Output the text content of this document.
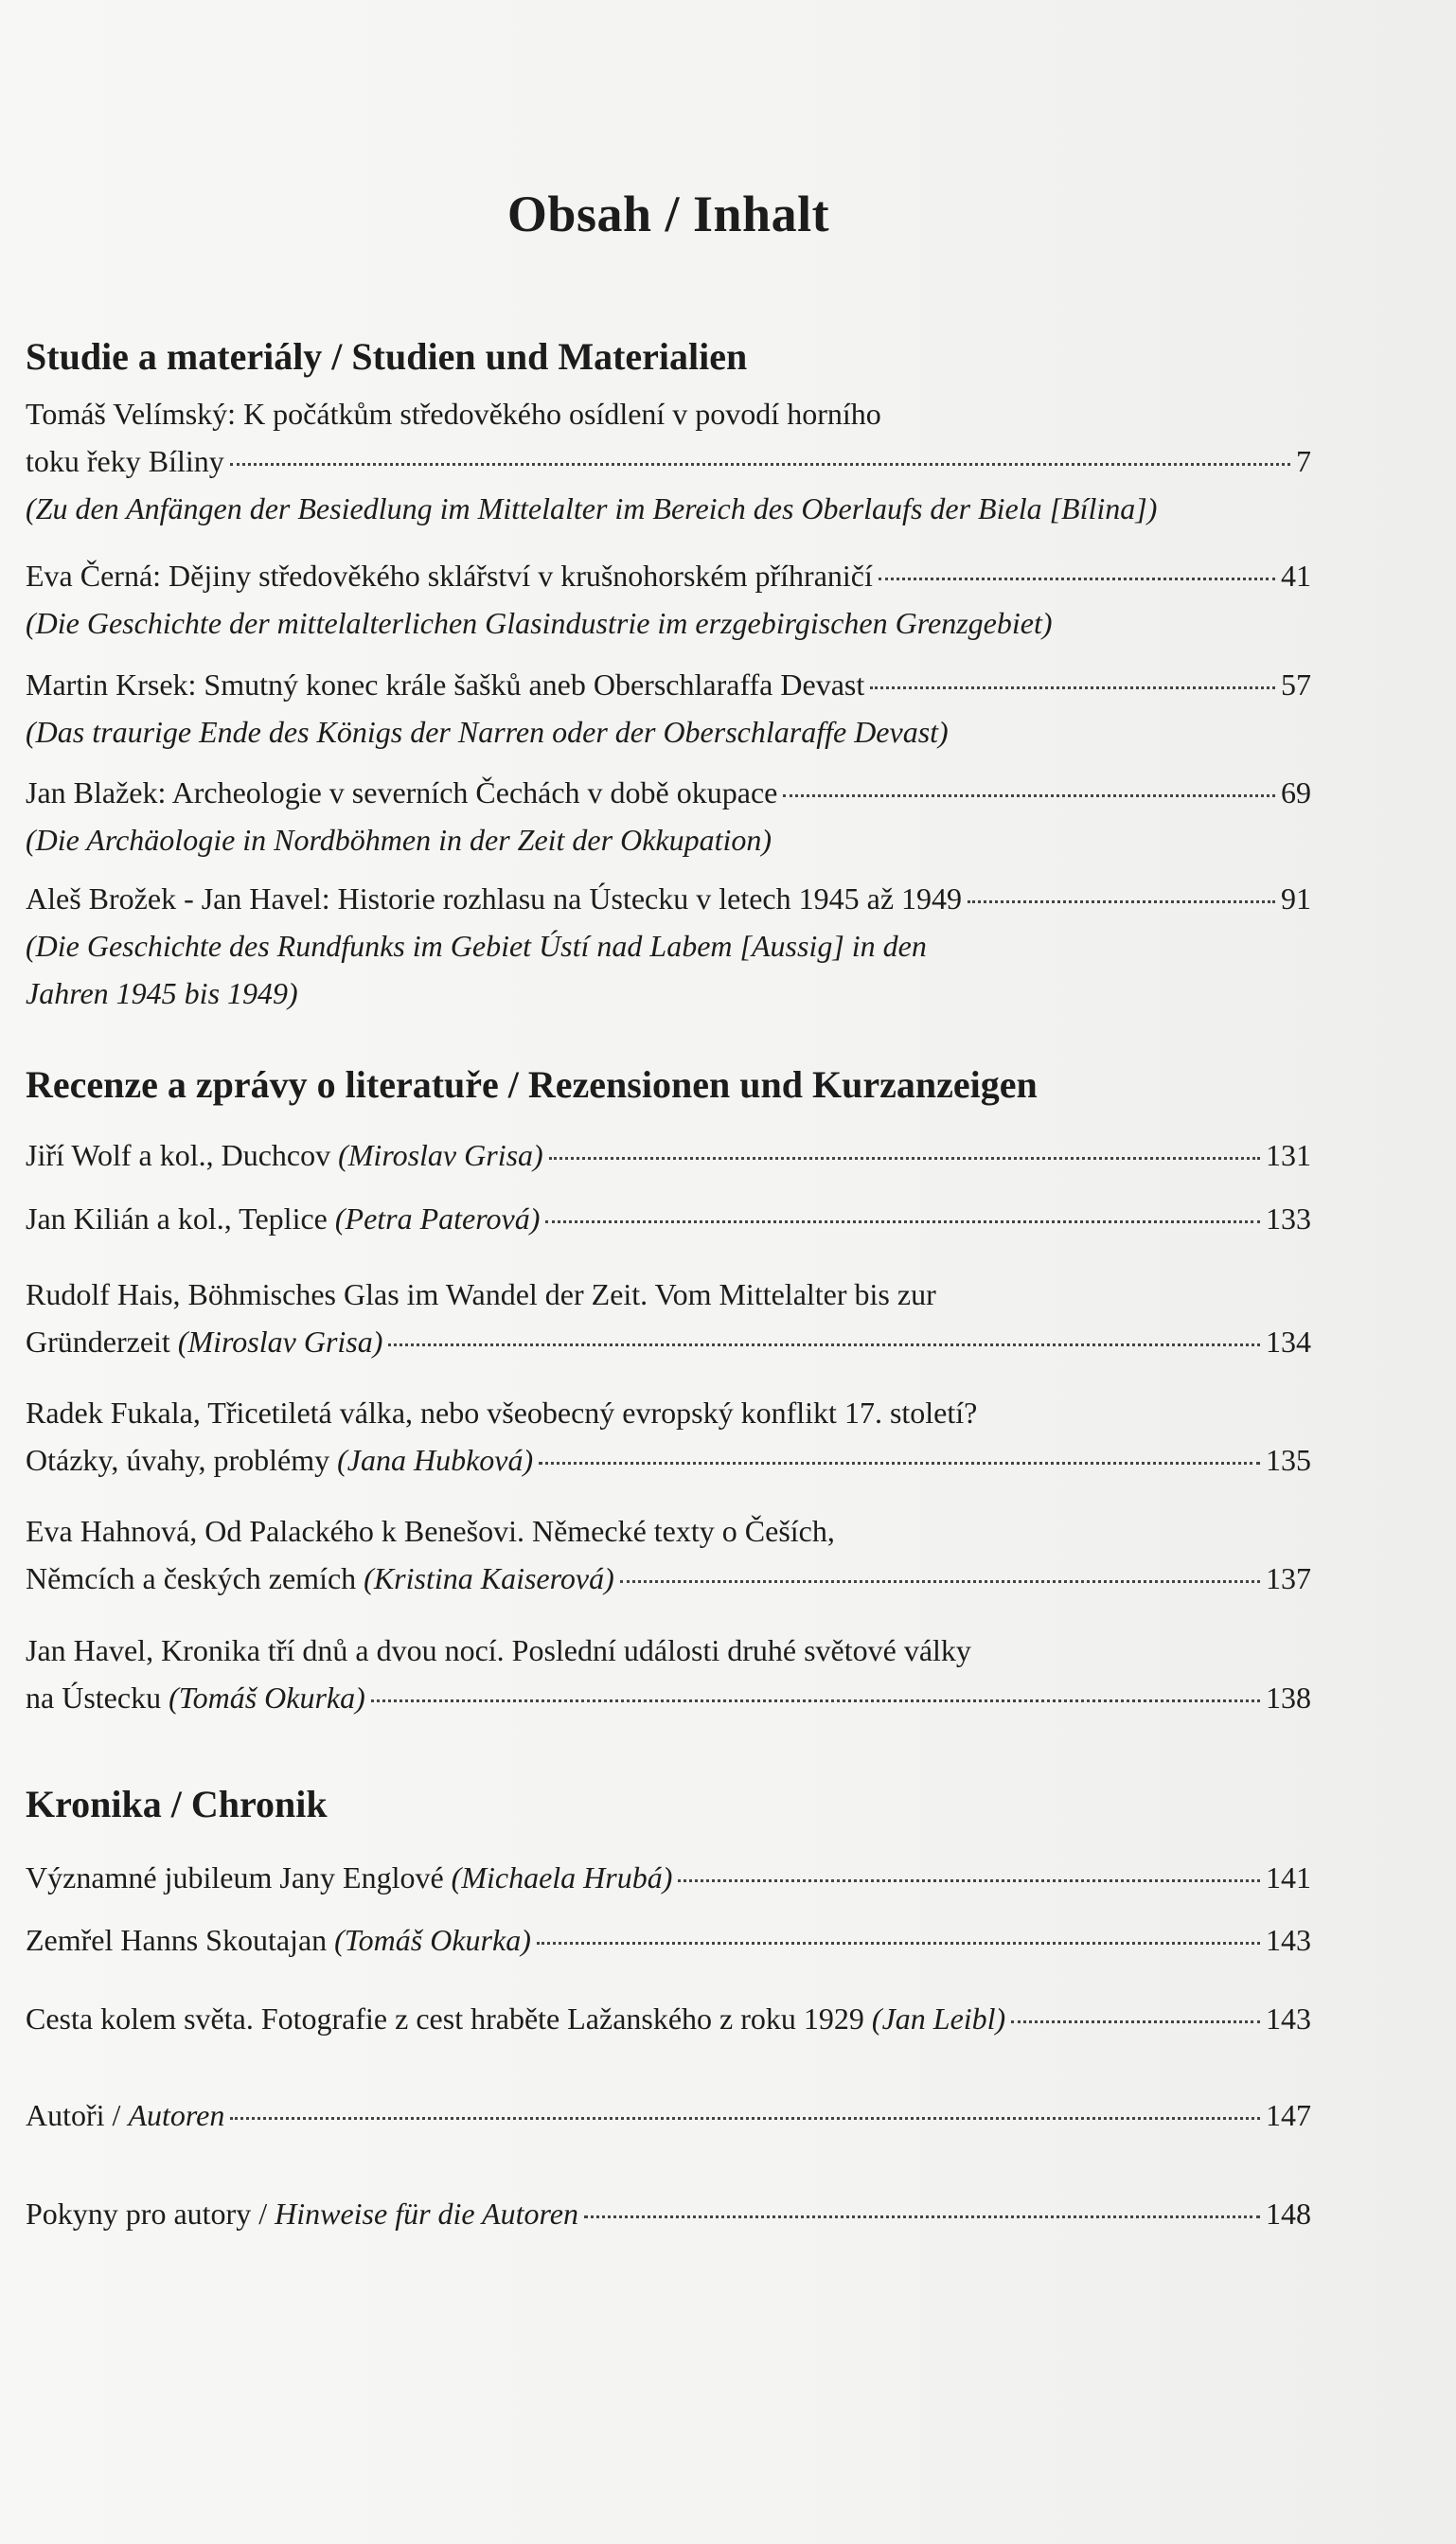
Obsah / Inhalt
Studie a materiály / Studien und Materialien
Tomáš Velímský: K počátkům středověkého osídlení v povodí horního
toku řeky Bíliny	7
(Zu den Anfängen der Besiedlung im Mittelalter im Bereich des Oberlaufs der Biela [Bílina])
Eva Černá: Dějiny středověkého sklářství v krušnohorském příhraničí	41
(Die Geschichte der mittelalterlichen Glasindustrie im erzgebirgischen Grenzgebiet)
Martin Krsek: Smutný konec krále šašků aneb Oberschlaraffa Devast	57
(Das traurige Ende des Königs der Narren oder der Oberschlaraffe Devast)
Jan Blažek: Archeologie v severních Čechách v době okupace	69
(Die Archäologie in Nordböhmen in der Zeit der Okkupation)
Aleš Brožek - Jan Havel: Historie rozhlasu na Ústecku v letech 1945 až 1949	91
(Die Geschichte des Rundfunks im Gebiet Ústí nad Labem [Aussig] in den
Jahren 1945 bis 1949)
Recenze a zprávy o literatuře / Rezensionen und Kurzanzeigen
Jiří Wolf a kol., Duchcov (Miroslav Grisa)	131
Jan Kilián a kol., Teplice (Petra Paterová)	133
Rudolf Hais, Böhmisches Glas im Wandel der Zeit. Vom Mittelalter bis zur
Gründerzeit (Miroslav Grisa)	134
Radek Fukala, Třicetiletá válka, nebo všeobecný evropský konflikt 17. století?
Otázky, úvahy, problémy (Jana Hubková)	135
Eva Hahnová, Od Palackého k Benešovi. Německé texty o Češích,
Němcích a českých zemích (Kristina Kaiserová)	137
Jan Havel, Kronika tří dnů a dvou nocí. Poslední události druhé světové války
na Ústecku (Tomáš Okurka)	138
Kronika / Chronik
Významné jubileum Jany Englové (Michaela Hrubá)	141
Zemřel Hanns Skoutajan (Tomáš Okurka)	143
Cesta kolem světa. Fotografie z cest hraběte Lažanského z roku 1929 (Jan Leibl)	143
Autoři / Autoren	147
Pokyny pro autory / Hinweise für die Autoren	148
